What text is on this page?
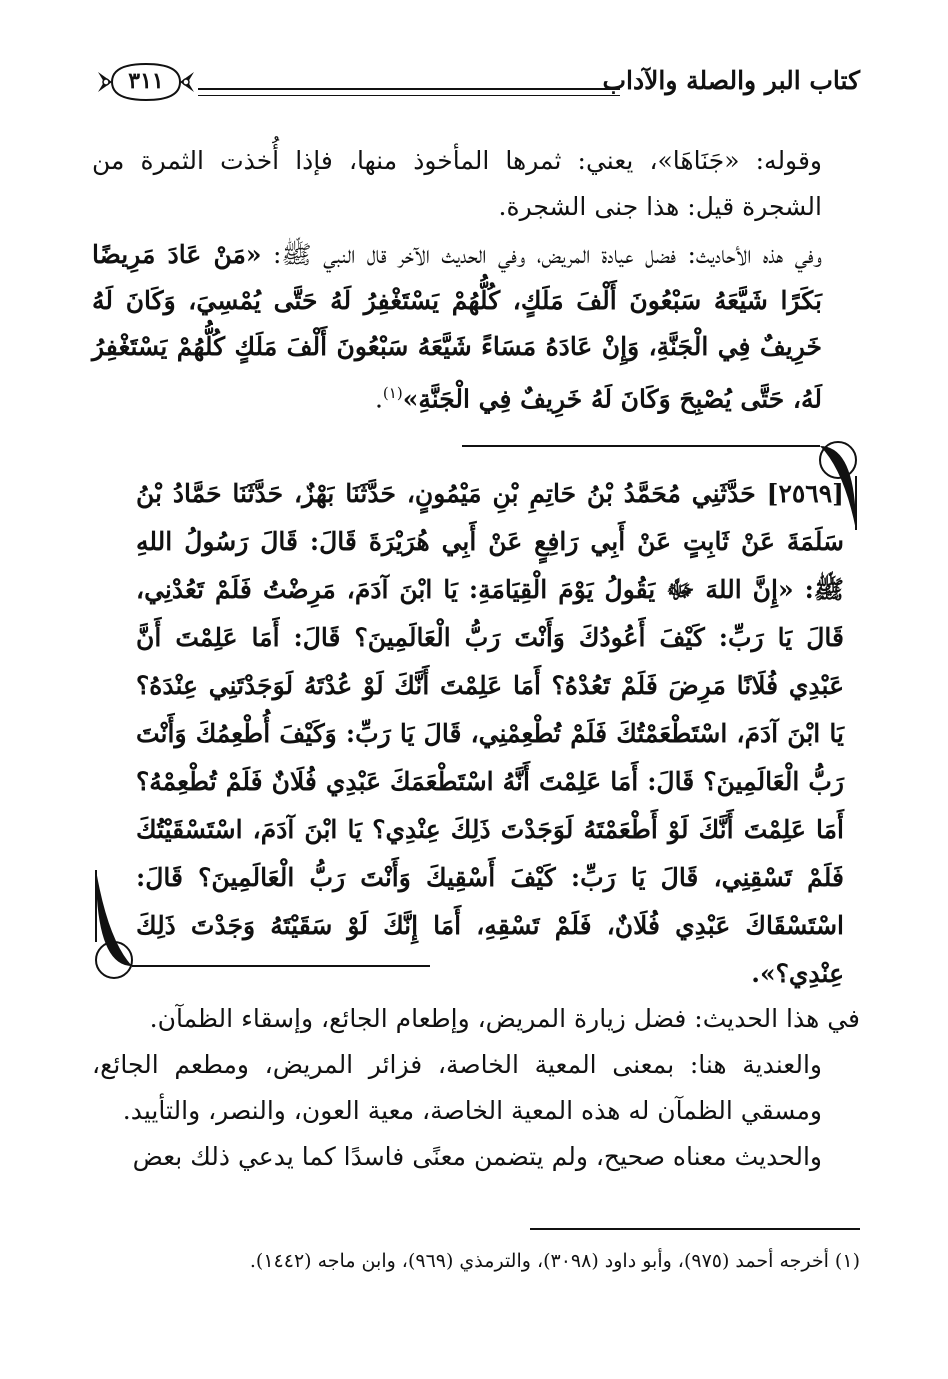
كتاب البر والصلة والآداب
٣١١
وقوله: «جَنَاهَا»، يعني: ثمرها المأخوذ منها، فإذا أُخذت الثمرة من الشجرة قيل: هذا جنى الشجرة.
وفي هذه الأحاديث: فضل عيادة المريض، وفي الحديث الآخر قال النبي ﷺ: «مَنْ عَادَ مَرِيضًا بَكَرًا شَيَّعَهُ سَبْعُونَ أَلْفَ مَلَكٍ، كُلُّهُمْ يَسْتَغْفِرُ لَهُ حَتَّى يُمْسِيَ، وَكَانَ لَهُ خَرِيفٌ فِي الْجَنَّةِ، وَإِنْ عَادَهُ مَسَاءً شَيَّعَهُ سَبْعُونَ أَلْفَ مَلَكٍ كُلُّهُمْ يَسْتَغْفِرُ لَهُ، حَتَّى يُصْبِحَ وَكَانَ لَهُ خَرِيفٌ فِي الْجَنَّةِ»$^{(١)}$.
[٢٥٦٩] حَدَّثَنِي مُحَمَّدُ بْنُ حَاتِمِ بْنِ مَيْمُونٍ، حَدَّثَنَا بَهْزٌ، حَدَّثَنَا حَمَّادُ بْنُ سَلَمَةَ عَنْ ثَابِتٍ عَنْ أَبِي رَافِعٍ عَنْ أَبِي هُرَيْرَةَ قَالَ: قَالَ رَسُولُ اللهِ ﷺ: «إِنَّ اللهَ ﷻ يَقُولُ يَوْمَ الْقِيَامَةِ: يَا ابْنَ آدَمَ، مَرِضْتُ فَلَمْ تَعُدْنِي، قَالَ يَا رَبِّ: كَيْفَ أَعُودُكَ وَأَنْتَ رَبُّ الْعَالَمِينَ؟ قَالَ: أَمَا عَلِمْتَ أَنَّ عَبْدِي فُلَانًا مَرِضَ فَلَمْ تَعُدْهُ؟ أَمَا عَلِمْتَ أَنَّكَ لَوْ عُدْتَهُ لَوَجَدْتَنِي عِنْدَهُ؟ يَا ابْنَ آدَمَ، اسْتَطْعَمْتُكَ فَلَمْ تُطْعِمْنِي، قَالَ يَا رَبِّ: وَكَيْفَ أُطْعِمُكَ وَأَنْتَ رَبُّ الْعَالَمِينَ؟ قَالَ: أَمَا عَلِمْتَ أَنَّهُ اسْتَطْعَمَكَ عَبْدِي فُلَانٌ فَلَمْ تُطْعِمْهُ؟ أَمَا عَلِمْتَ أَنَّكَ لَوْ أَطْعَمْتَهُ لَوَجَدْتَ ذَلِكَ عِنْدِي؟ يَا ابْنَ آدَمَ، اسْتَسْقَيْتُكَ فَلَمْ تَسْقِنِي، قَالَ يَا رَبِّ: كَيْفَ أَسْقِيكَ وَأَنْتَ رَبُّ الْعَالَمِينَ؟ قَالَ: اسْتَسْقَاكَ عَبْدِي فُلَانٌ، فَلَمْ تَسْقِهِ، أَمَا إِنَّكَ لَوْ سَقَيْتَهُ وَجَدْتَ ذَلِكَ عِنْدِي؟».
في هذا الحديث: فضل زيارة المريض، وإطعام الجائع، وإسقاء الظمآن.
والعندية هنا: بمعنى المعية الخاصة، فزائر المريض، ومطعم الجائع، ومسقي الظمآن له هذه المعية الخاصة، معية العون، والنصر، والتأييد.
والحديث معناه صحيح، ولم يتضمن معنًى فاسدًا كما يدعي ذلك بعض
(١) أخرجه أحمد (٩٧٥)، وأبو داود (٣٠٩٨)، والترمذي (٩٦٩)، وابن ماجه (١٤٤٢).
